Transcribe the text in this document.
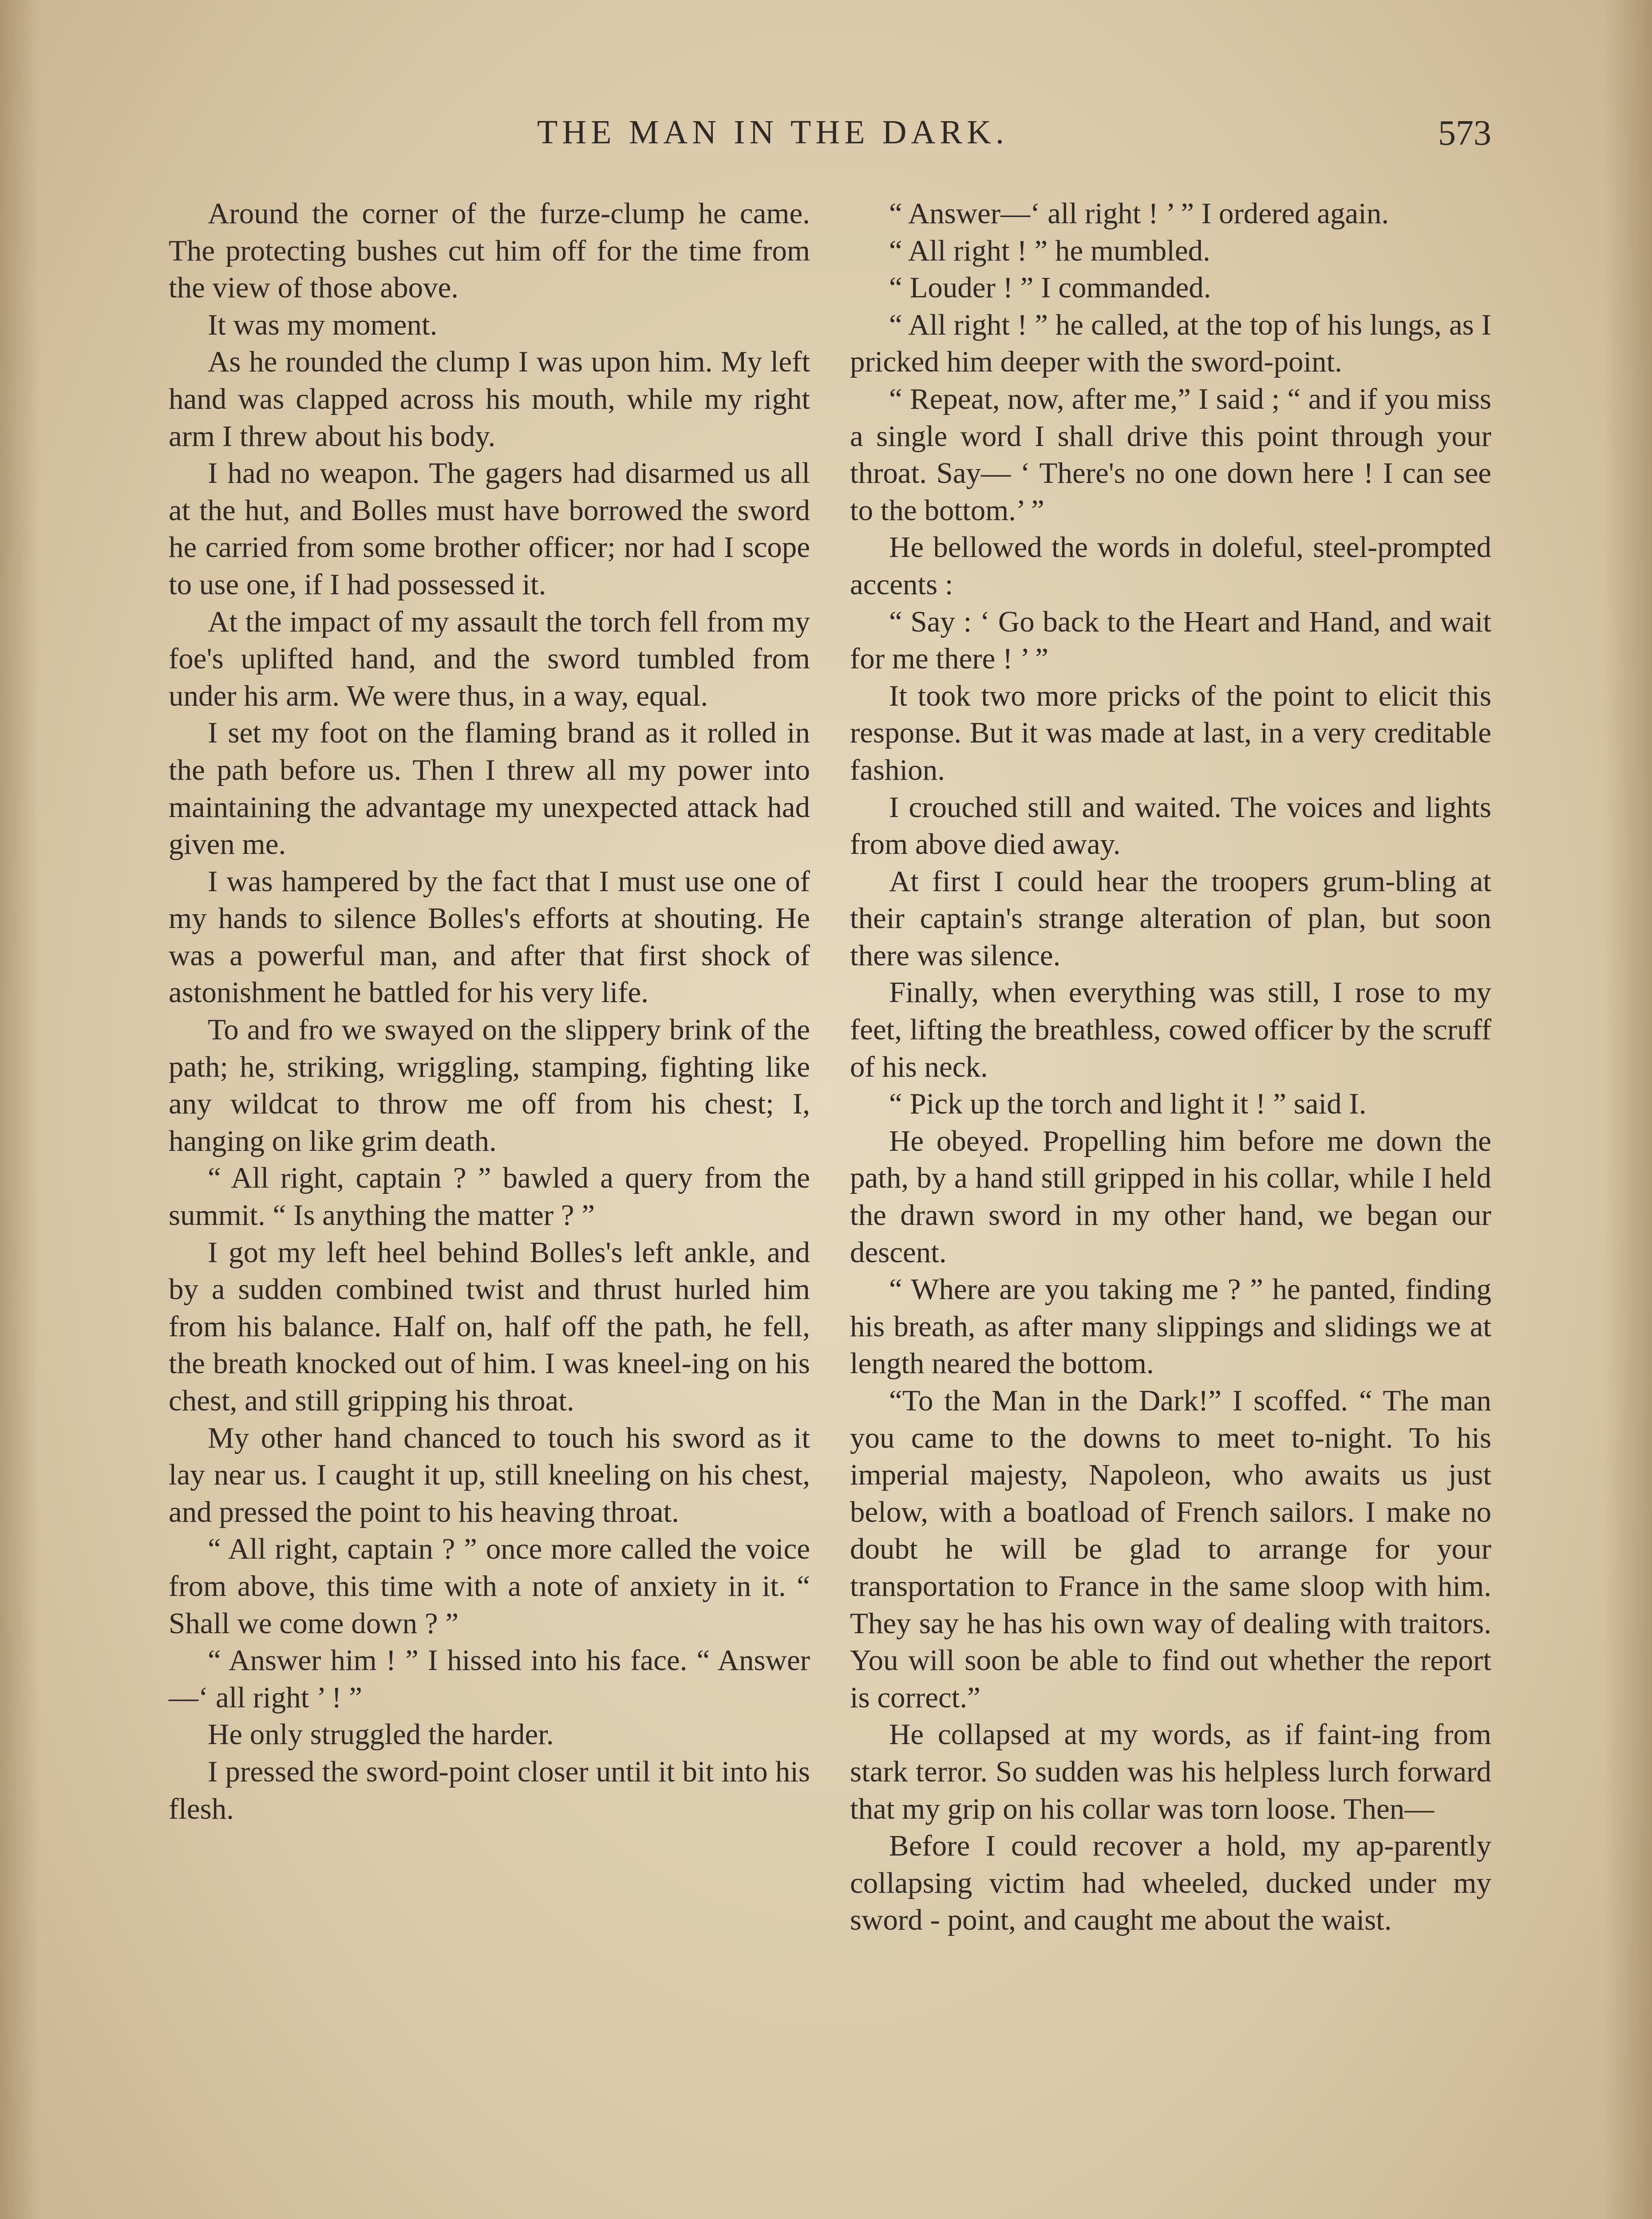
THE MAN IN THE DARK.	573

Around the corner of the furze-clump he came. The protecting bushes cut him off for the time from the view of those above.

It was my moment.

As he rounded the clump I was upon him. My left hand was clapped across his mouth, while my right arm I threw about his body.

I had no weapon. The gagers had disarmed us all at the hut, and Bolles must have borrowed the sword he carried from some brother officer; nor had I scope to use one, if I had possessed it.

At the impact of my assault the torch fell from my foe's uplifted hand, and the sword tumbled from under his arm. We were thus, in a way, equal.

I set my foot on the flaming brand as it rolled in the path before us. Then I threw all my power into maintaining the advantage my unexpected attack had given me.

I was hampered by the fact that I must use one of my hands to silence Bolles's efforts at shouting. He was a powerful man, and after that first shock of astonishment he battled for his very life.

To and fro we swayed on the slippery brink of the path; he, striking, wriggling, stamping, fighting like any wildcat to throw me off from his chest; I, hanging on like grim death.

“ All right, captain ? ” bawled a query from the summit. “ Is anything the matter ? ”

I got my left heel behind Bolles's left ankle, and by a sudden combined twist and thrust hurled him from his balance. Half on, half off the path, he fell, the breath knocked out of him. I was kneel-ing on his chest, and still gripping his throat.

My other hand chanced to touch his sword as it lay near us. I caught it up, still kneeling on his chest, and pressed the point to his heaving throat.

“ All right, captain ? ” once more called the voice from above, this time with a note of anxiety in it. “ Shall we come down ? ”

“ Answer him ! ” I hissed into his face. “ Answer—‘ all right ’ ! ”

He only struggled the harder.

I pressed the sword-point closer until it bit into his flesh.

“ Answer—‘ all right ! ’ ” I ordered again.

“ All right ! ” he mumbled.

“ Louder ! ” I commanded.

“ All right ! ” he called, at the top of his lungs, as I pricked him deeper with the sword-point.

“ Repeat, now, after me,” I said ; “ and if you miss a single word I shall drive this point through your throat. Say— ‘ There's no one down here ! I can see to the bottom.’ ”

He bellowed the words in doleful, steel-prompted accents :

“ Say : ‘ Go back to the Heart and Hand, and wait for me there ! ’ ”

It took two more pricks of the point to elicit this response. But it was made at last, in a very creditable fashion.

I crouched still and waited. The voices and lights from above died away.

At first I could hear the troopers grum-bling at their captain's strange alteration of plan, but soon there was silence.

Finally, when everything was still, I rose to my feet, lifting the breathless, cowed officer by the scruff of his neck.

“ Pick up the torch and light it ! ” said I.

He obeyed. Propelling him before me down the path, by a hand still gripped in his collar, while I held the drawn sword in my other hand, we began our descent.

“ Where are you taking me ? ” he panted, finding his breath, as after many slippings and slidings we at length neared the bottom.

“To the Man in the Dark!” I scoffed. “ The man you came to the downs to meet to-night. To his imperial majesty, Napoleon, who awaits us just below, with a boatload of French sailors. I make no doubt he will be glad to arrange for your transportation to France in the same sloop with him. They say he has his own way of dealing with traitors. You will soon be able to find out whether the report is correct.”

He collapsed at my words, as if faint-ing from stark terror. So sudden was his helpless lurch forward that my grip on his collar was torn loose. Then—

Before I could recover a hold, my ap-parently collapsing victim had wheeled, ducked under my sword - point, and caught me about the waist.
